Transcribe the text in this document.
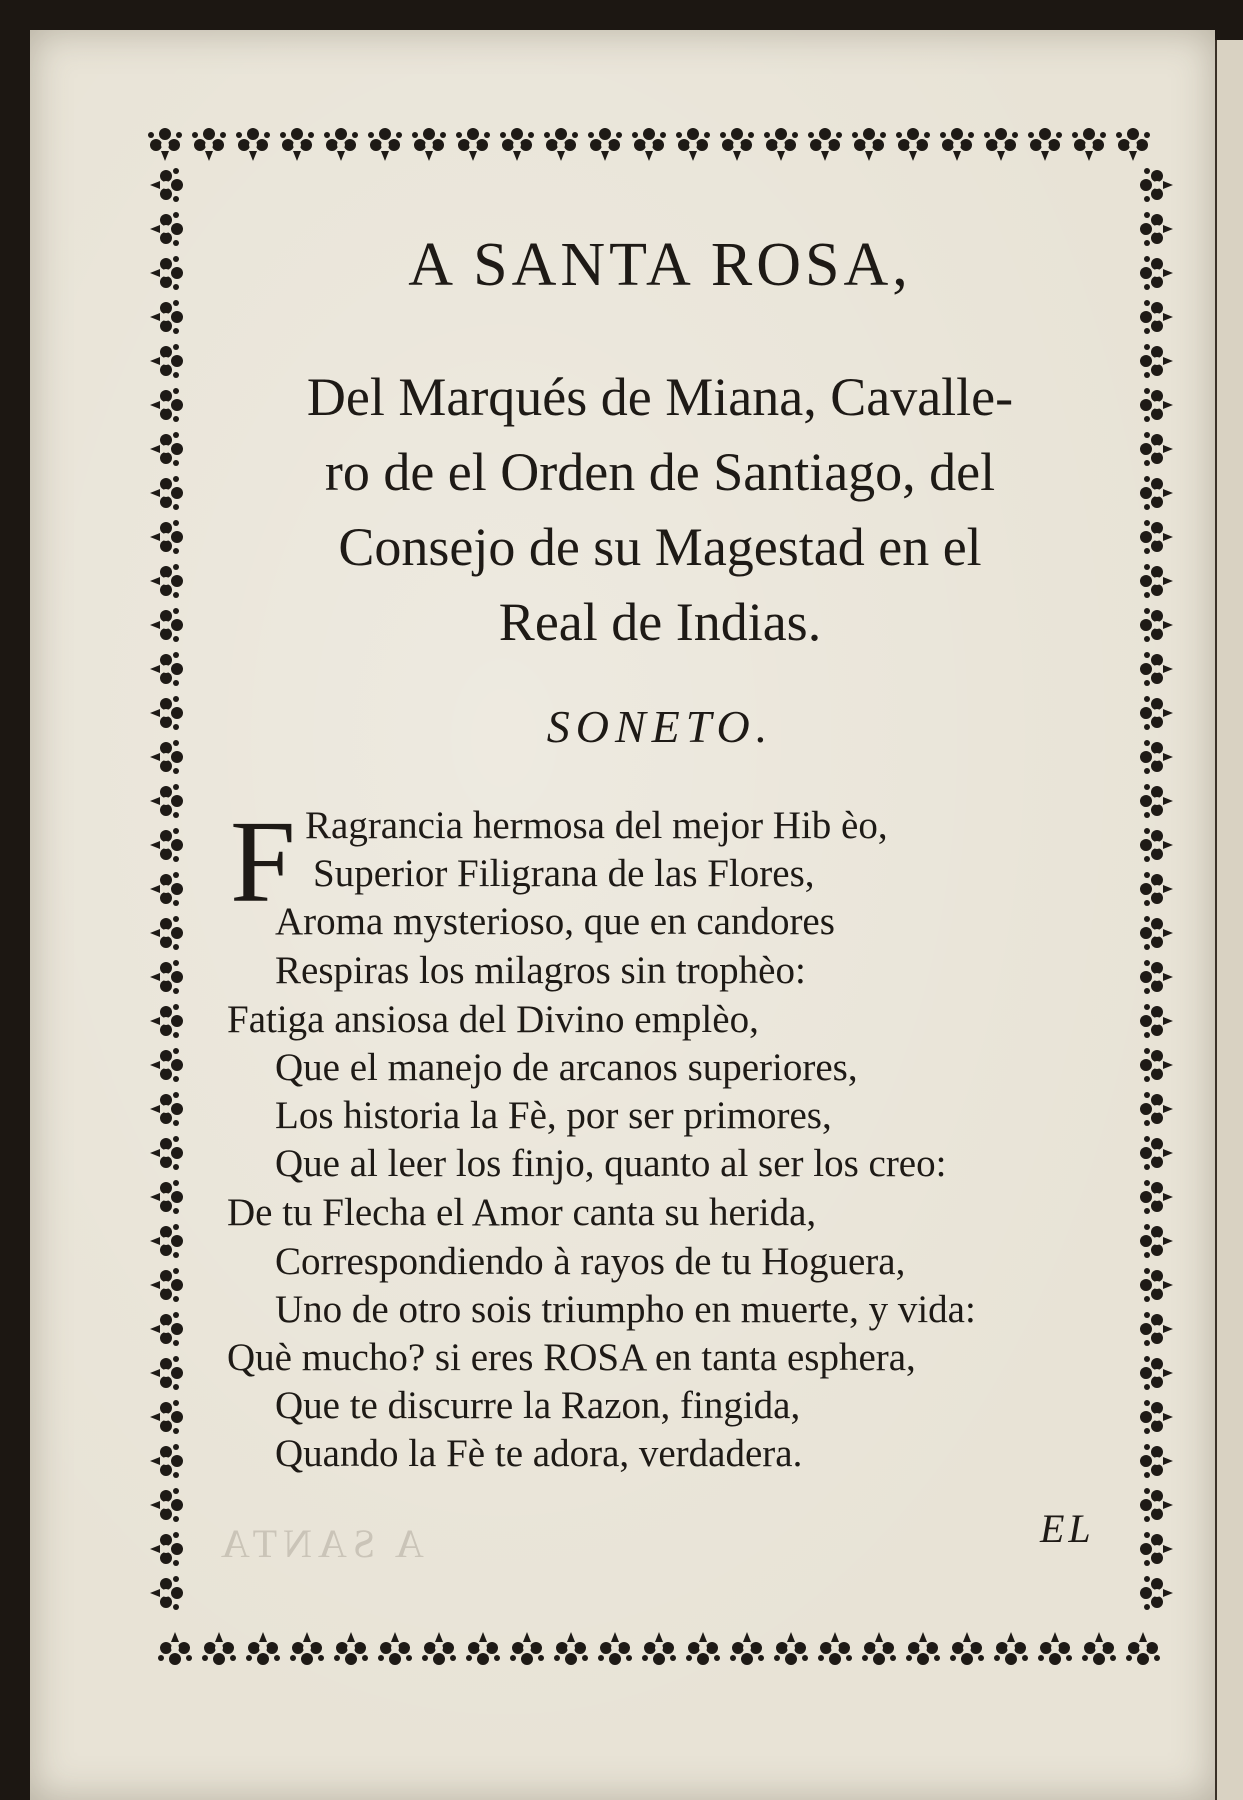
A SANTA
A SANTA ROSA,
Del Marqués de Miana, Cavalle-
ro de el Orden de Santiago, del
Consejo de su Magestad en el
Real de Indias.
SONETO.
F Ragrancia hermosa del mejor Hib èo,
Superior Filigrana de las Flores,
Aroma mysterioso, que en candores
Respiras los milagros sin trophèo:
Fatiga ansiosa del Divino emplèo,
Que el manejo de arcanos superiores,
Los historia la Fè, por ser primores,
Que al leer los finjo, quanto al ser los creo:
De tu Flecha el Amor canta su herida,
Correspondiendo à rayos de tu Hoguera,
Uno de otro sois triumpho en muerte, y vida:
Què mucho? si eres ROSA en tanta esphera,
Que te discurre la Razon, fingida,
Quando la Fè te adora, verdadera.
EL
